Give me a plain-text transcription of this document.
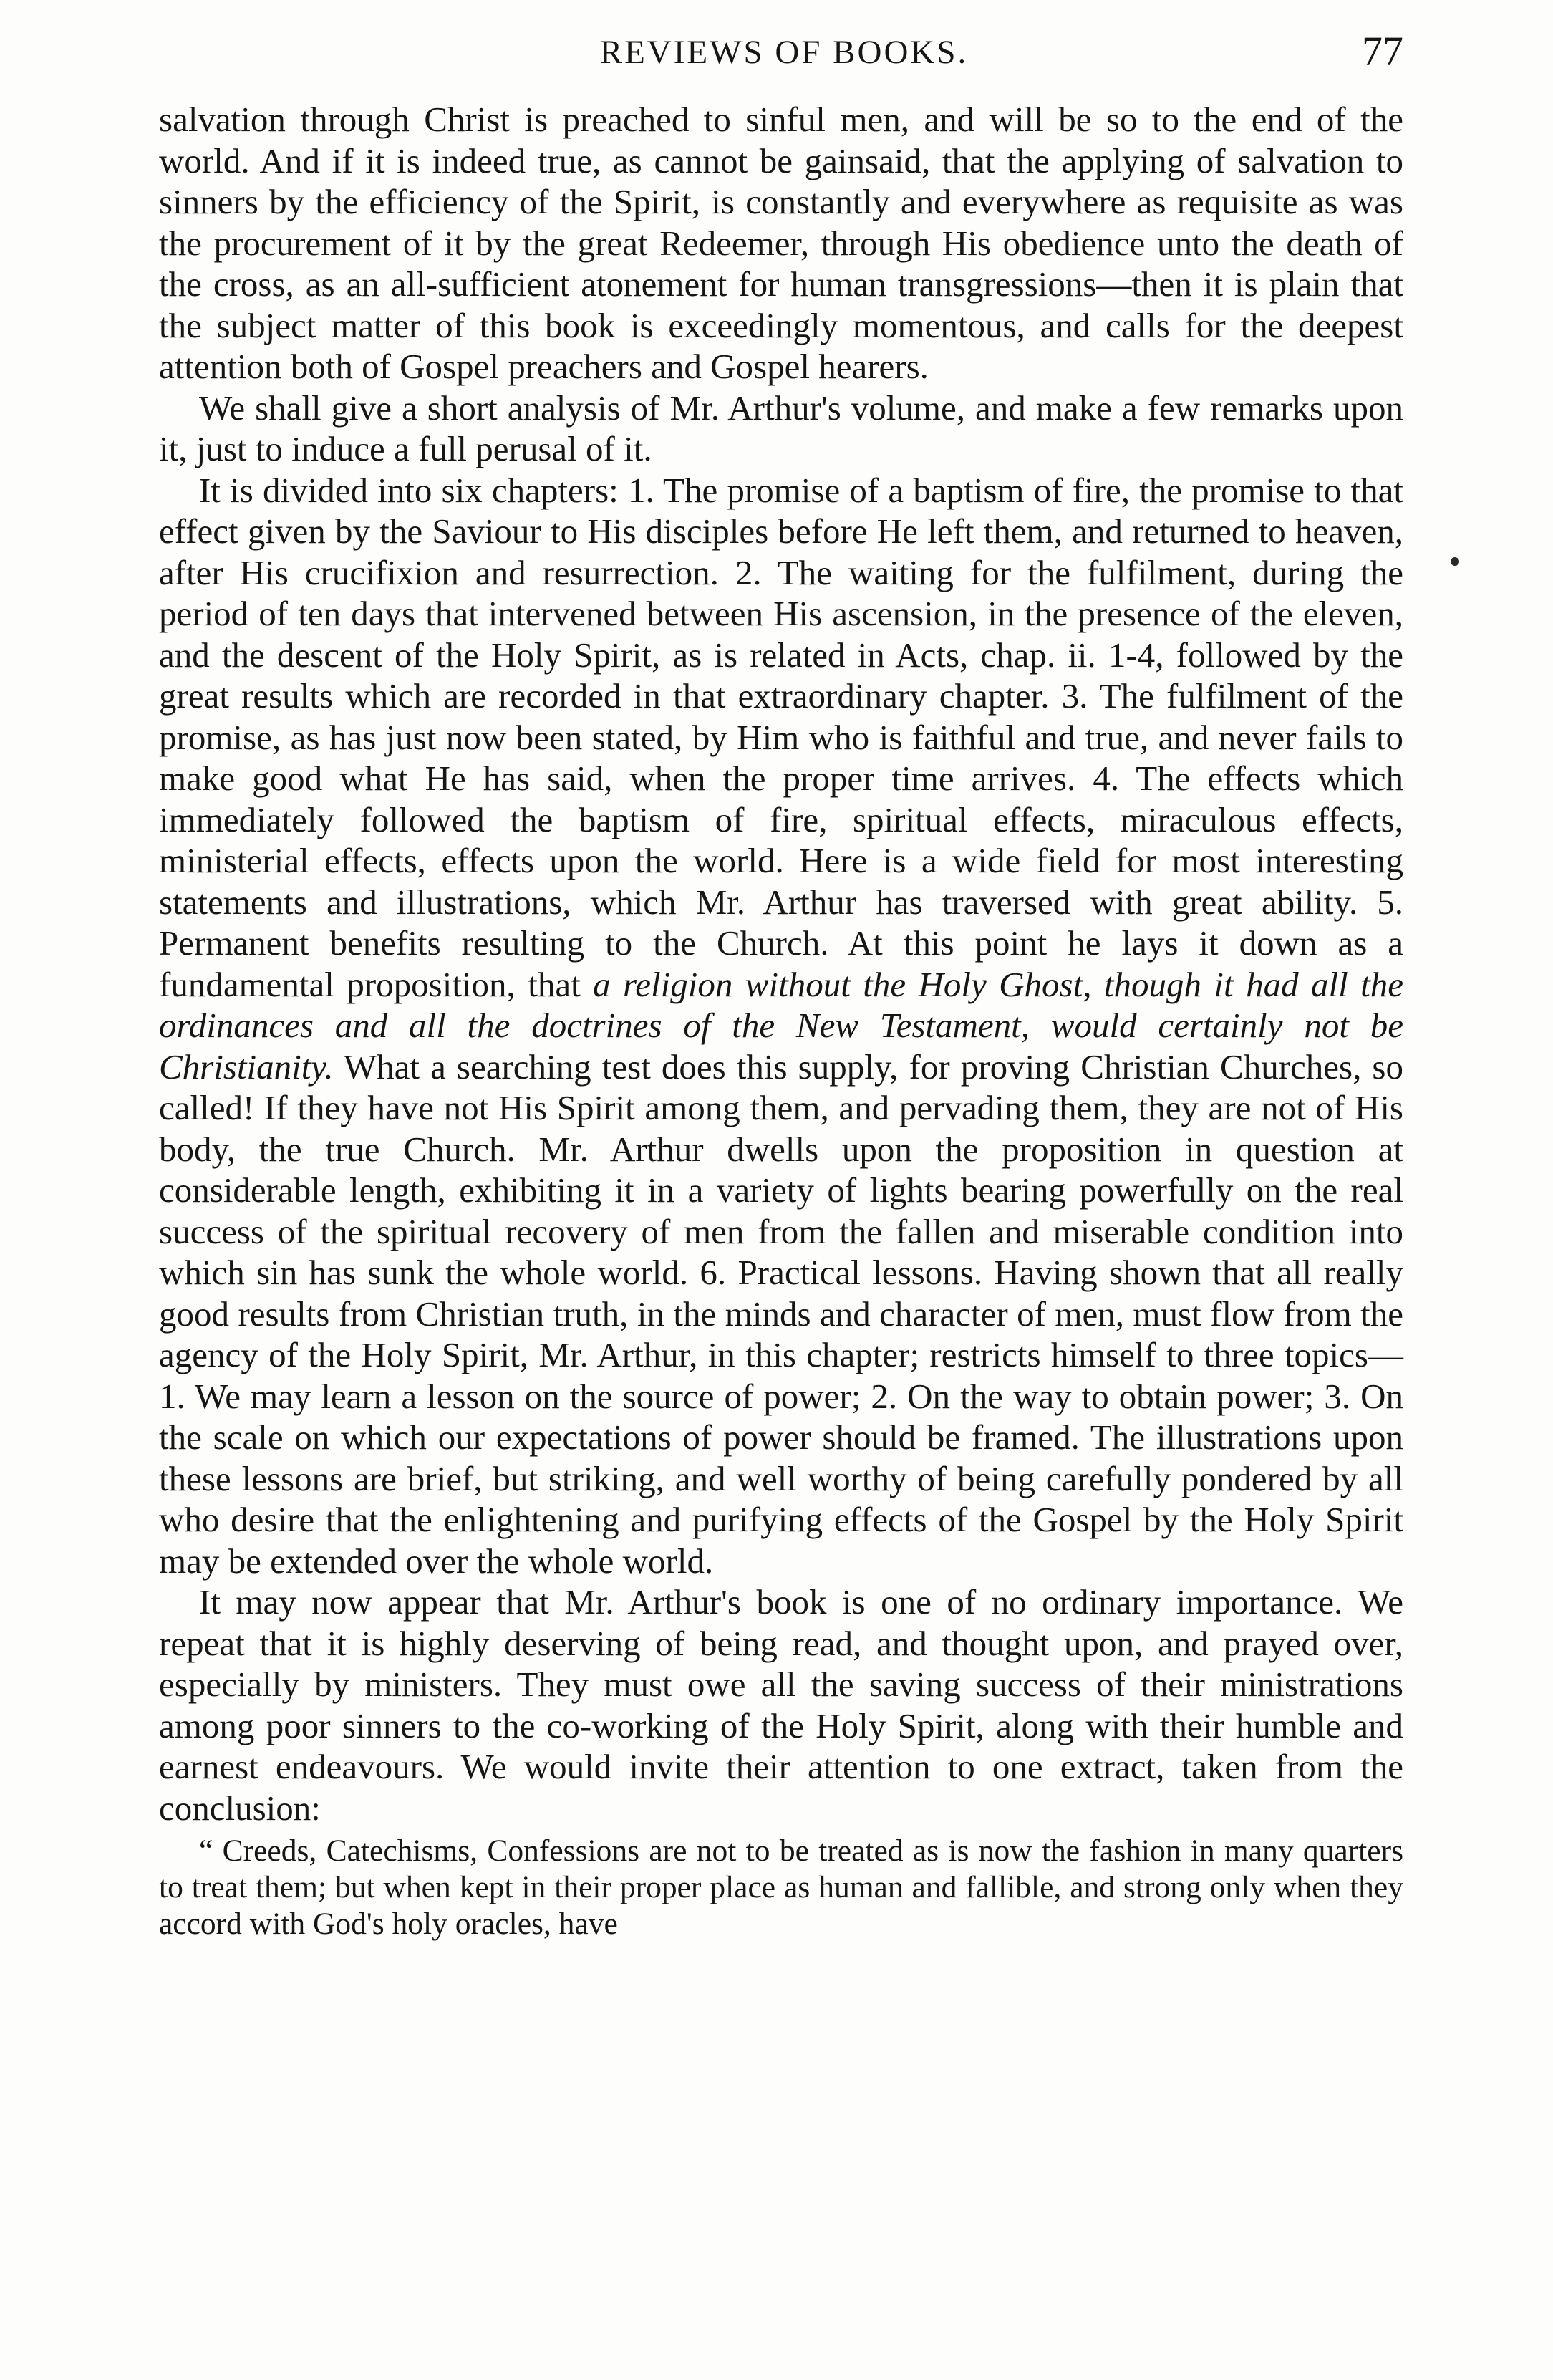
REVIEWS OF BOOKS.	77

salvation through Christ is preached to sinful men, and will be so to the end of the world. And if it is indeed true, as cannot be gainsaid, that the applying of salvation to sinners by the efficiency of the Spirit, is constantly and everywhere as requisite as was the procurement of it by the great Redeemer, through His obedience unto the death of the cross, as an all-sufficient atonement for human transgressions—then it is plain that the subject matter of this book is exceedingly momentous, and calls for the deepest attention both of Gospel preachers and Gospel hearers.

We shall give a short analysis of Mr. Arthur's volume, and make a few remarks upon it, just to induce a full perusal of it.

It is divided into six chapters: 1. The promise of a baptism of fire, the promise to that effect given by the Saviour to His disciples before He left them, and returned to heaven, after His crucifixion and resurrection. 2. The waiting for the fulfilment, during the period of ten days that intervened between His ascension, in the presence of the eleven, and the descent of the Holy Spirit, as is related in Acts, chap. ii. 1-4, followed by the great results which are recorded in that extraordinary chapter. 3. The fulfilment of the promise, as has just now been stated, by Him who is faithful and true, and never fails to make good what He has said, when the proper time arrives. 4. The effects which immediately followed the baptism of fire, spiritual effects, miraculous effects, ministerial effects, effects upon the world. Here is a wide field for most interesting statements and illustrations, which Mr. Arthur has traversed with great ability. 5. Permanent benefits resulting to the Church. At this point he lays it down as a fundamental proposition, that a religion without the Holy Ghost, though it had all the ordinances and all the doctrines of the New Testament, would certainly not be Christianity. What a searching test does this supply, for proving Christian Churches, so called! If they have not His Spirit among them, and pervading them, they are not of His body, the true Church. Mr. Arthur dwells upon the proposition in question at considerable length, exhibiting it in a variety of lights bearing powerfully on the real success of the spiritual recovery of men from the fallen and miserable condition into which sin has sunk the whole world. 6. Practical lessons. Having shown that all really good results from Christian truth, in the minds and character of men, must flow from the agency of the Holy Spirit, Mr. Arthur, in this chapter; restricts himself to three topics—1. We may learn a lesson on the source of power; 2. On the way to obtain power; 3. On the scale on which our expectations of power should be framed. The illustrations upon these lessons are brief, but striking, and well worthy of being carefully pondered by all who desire that the enlightening and purifying effects of the Gospel by the Holy Spirit may be extended over the whole world.

It may now appear that Mr. Arthur's book is one of no ordinary importance. We repeat that it is highly deserving of being read, and thought upon, and prayed over, especially by ministers. They must owe all the saving success of their ministrations among poor sinners to the co-working of the Holy Spirit, along with their humble and earnest endeavours. We would invite their attention to one extract, taken from the conclusion:

“ Creeds, Catechisms, Confessions are not to be treated as is now the fashion in many quarters to treat them; but when kept in their proper place as human and fallible, and strong only when they accord with God's holy oracles, have
